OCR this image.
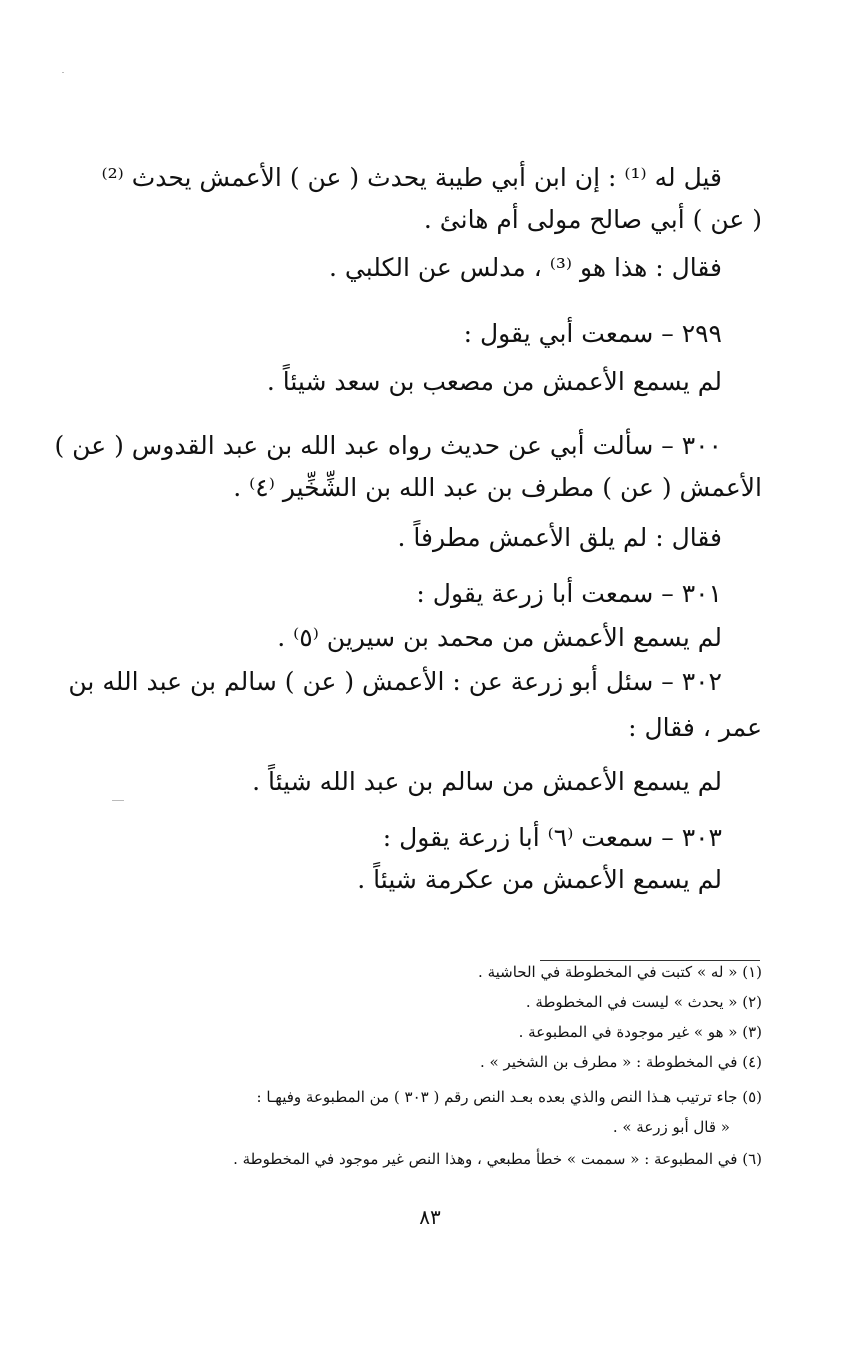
قيل له ⁽¹⁾ : إن ابن أبي طيبة يحدث ( عن ) الأعمش يحدث ⁽²⁾
( عن ) أبي صالح مولى أم هانئ .
فقال : هذا هو ⁽³⁾ ، مدلس عن الكلبي .
٢٩٩ – سمعت أبي يقول :
لم يسمع الأعمش من مصعب بن سعد شيئاً .
٣٠٠ – سألت أبي عن حديث رواه عبد الله بن عبد القدوس ( عن )
الأعمش ( عن ) مطرف بن عبد الله بن الشِّخِّير ⁽٤⁾ .
فقال : لم يلق الأعمش مطرفاً .
٣٠١ – سمعت أبا زرعة يقول :
لم يسمع الأعمش من محمد بن سيرين ⁽٥⁾ .
٣٠٢ – سئل أبو زرعة عن : الأعمش ( عن ) سالم بن عبد الله بن
عمر ، فقال :
لم يسمع الأعمش من سالم بن عبد الله شيئاً .
٣٠٣ – سمعت ⁽٦⁾ أبا زرعة يقول :
لم يسمع الأعمش من عكرمة شيئاً .
(١) « له » كتبت في المخطوطة في الحاشية .
(٢) « يحدث » ليست في المخطوطة .
(٣) « هو » غير موجودة في المطبوعة .
(٤) في المخطوطة : « مطرف بن الشخير » .
(٥) جاء ترتيب هـذا النص والذي بعده بعـد النص رقم ( ٣٠٣ ) من المطبوعة وفيهـا :
« قال أبو زرعة » .
(٦) في المطبوعة : « سممت » خطأ مطبعي ، وهذا النص غير موجود في المخطوطة .
٨٣
